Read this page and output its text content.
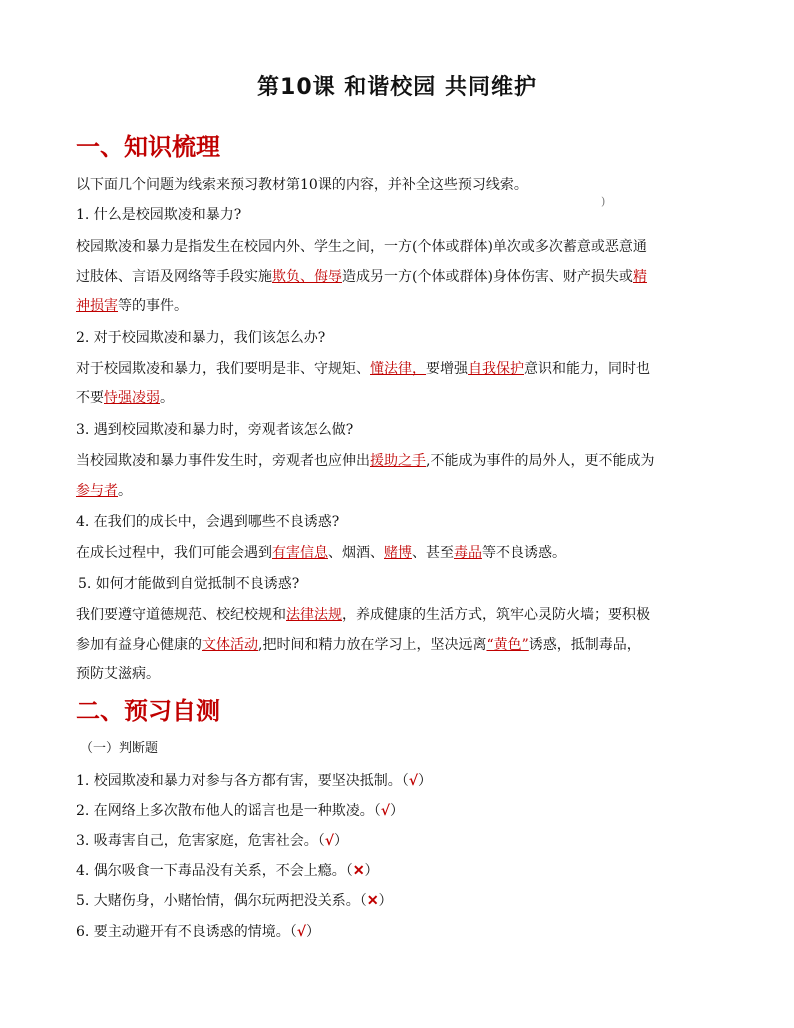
第10课 和谐校园 共同维护
一、知识梳理
以下面几个问题为线索来预习教材第10课的内容，并补全这些预习线索。
)
1. 什么是校园欺凌和暴力?
校园欺凌和暴力是指发生在校园内外、学生之间，一方(个体或群体)单次或多次蓄意或恶意通
过肢体、言语及网络等手段实施欺负、侮辱造成另一方(个体或群体)身体伤害、财产损失或精
神损害等的事件。
2. 对于校园欺凌和暴力，我们该怎么办?
对于校园欺凌和暴力，我们要明是非、守规矩、懂法律，要增强自我保护意识和能力，同时也
不要恃强凌弱。
3. 遇到校园欺凌和暴力时，旁观者该怎么做?
当校园欺凌和暴力事件发生时，旁观者也应伸出援助之手,不能成为事件的局外人，更不能成为
参与者。
4. 在我们的成长中，会遇到哪些不良诱惑?
在成长过程中，我们可能会遇到有害信息、烟酒、赌博、甚至毒品等不良诱惑。
5. 如何才能做到自觉抵制不良诱惑?
我们要遵守道德规范、校纪校规和法律法规，养成健康的生活方式，筑牢心灵防火墙；要积极
参加有益身心健康的文体活动,把时间和精力放在学习上，坚决远离“黄色”诱惑，抵制毒品，
预防艾滋病。
二、预习自测
（一）判断题
1. 校园欺凌和暴力对参与各方都有害，要坚决抵制。（√）
2. 在网络上多次散布他人的谣言也是一种欺凌。（√）
3. 吸毒害自己，危害家庭，危害社会。（√）
4. 偶尔吸食一下毒品没有关系，不会上瘾。（✕）
5. 大赌伤身，小赌怡情，偶尔玩两把没关系。（✕）
6. 要主动避开有不良诱惑的情境。（√）
